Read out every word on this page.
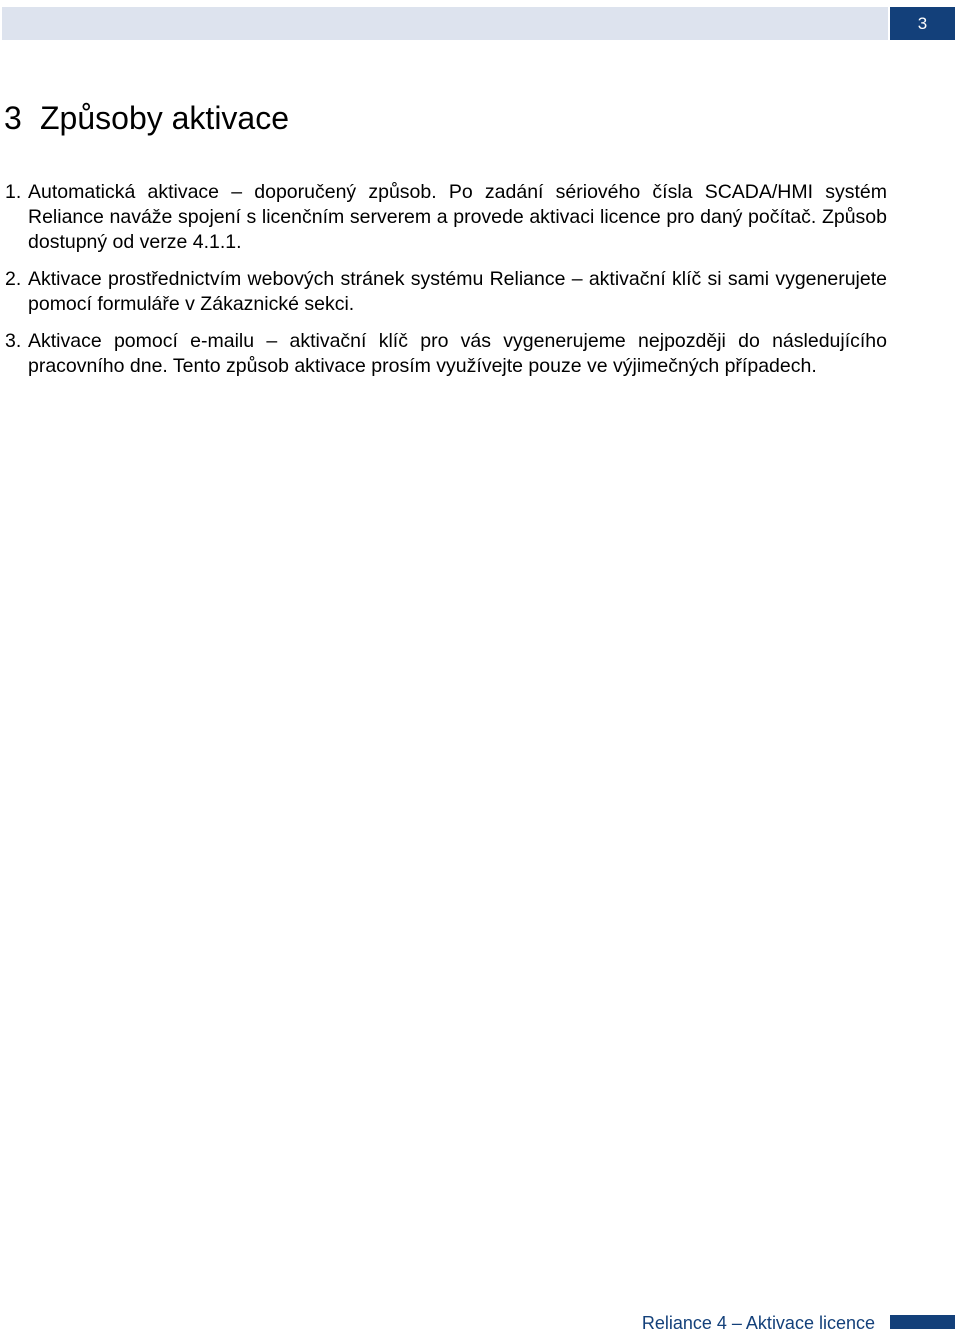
3
3 Způsoby aktivace
1. Automatická aktivace – doporučený způsob. Po zadání sériového čísla SCADA/HMI systém Reliance naváže spojení s licenčním serverem a provede aktivaci licence pro daný počítač. Způsob dostupný od verze 4.1.1.

2. Aktivace prostřednictvím webových stránek systému Reliance – aktivační klíč si sami vygenerujete pomocí formuláře v Zákaznické sekci.

3. Aktivace pomocí e-mailu – aktivační klíč pro vás vygenerujeme nejpozději do následujícího pracovního dne. Tento způsob aktivace prosím využívejte pouze ve výjimečných případech.

Reliance 4 – Aktivace licence
